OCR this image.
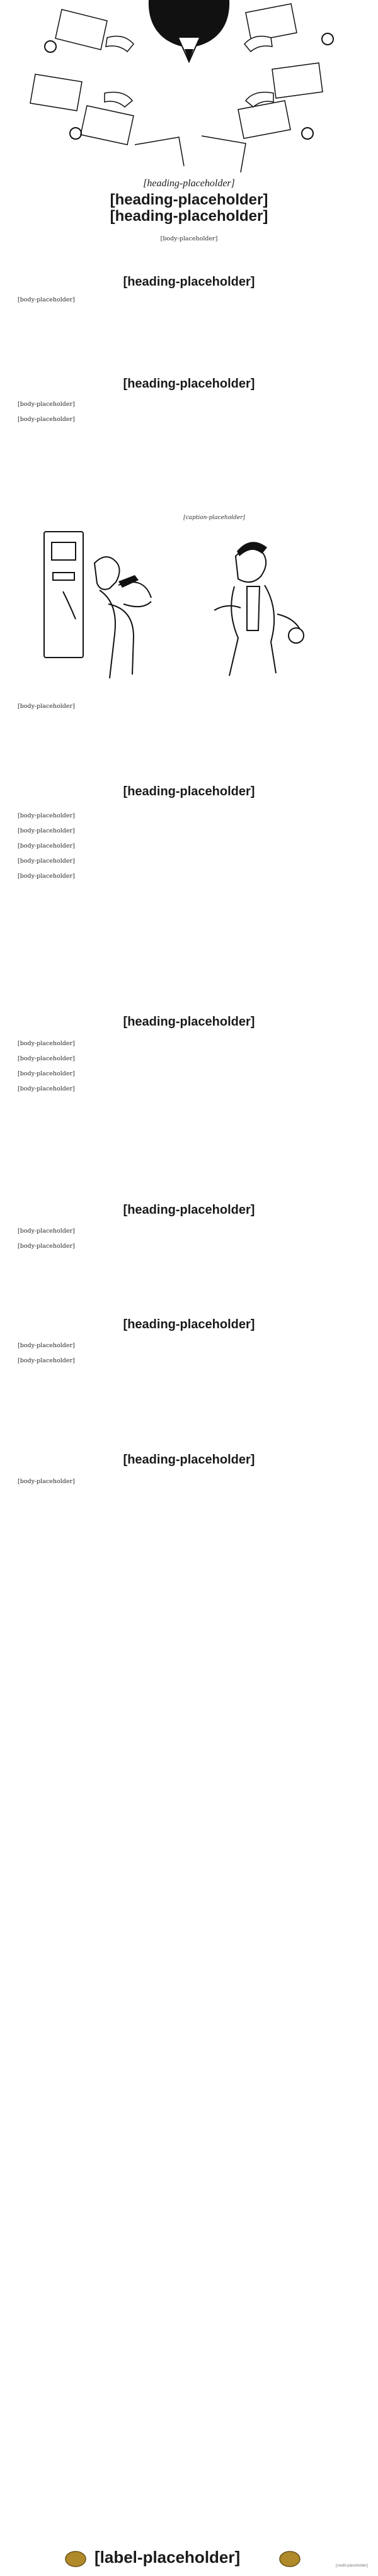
[heading-placeholder]
[heading-placeholder]
[heading-placeholder]
[body-placeholder]
[heading-placeholder]

[body-placeholder]

[heading-placeholder]

[body-placeholder]

[body-placeholder]

[caption-placeholder]

[body-placeholder]

[heading-placeholder]

[body-placeholder]

[body-placeholder]

[body-placeholder]

[body-placeholder]

[body-placeholder]

[heading-placeholder]

[body-placeholder]

[body-placeholder]

[body-placeholder]

[body-placeholder]

[heading-placeholder]

[body-placeholder]

[body-placeholder]

[heading-placeholder]

[body-placeholder]

[body-placeholder]

[heading-placeholder]

[body-placeholder]

[label-placeholder]	[credit-placeholder]
